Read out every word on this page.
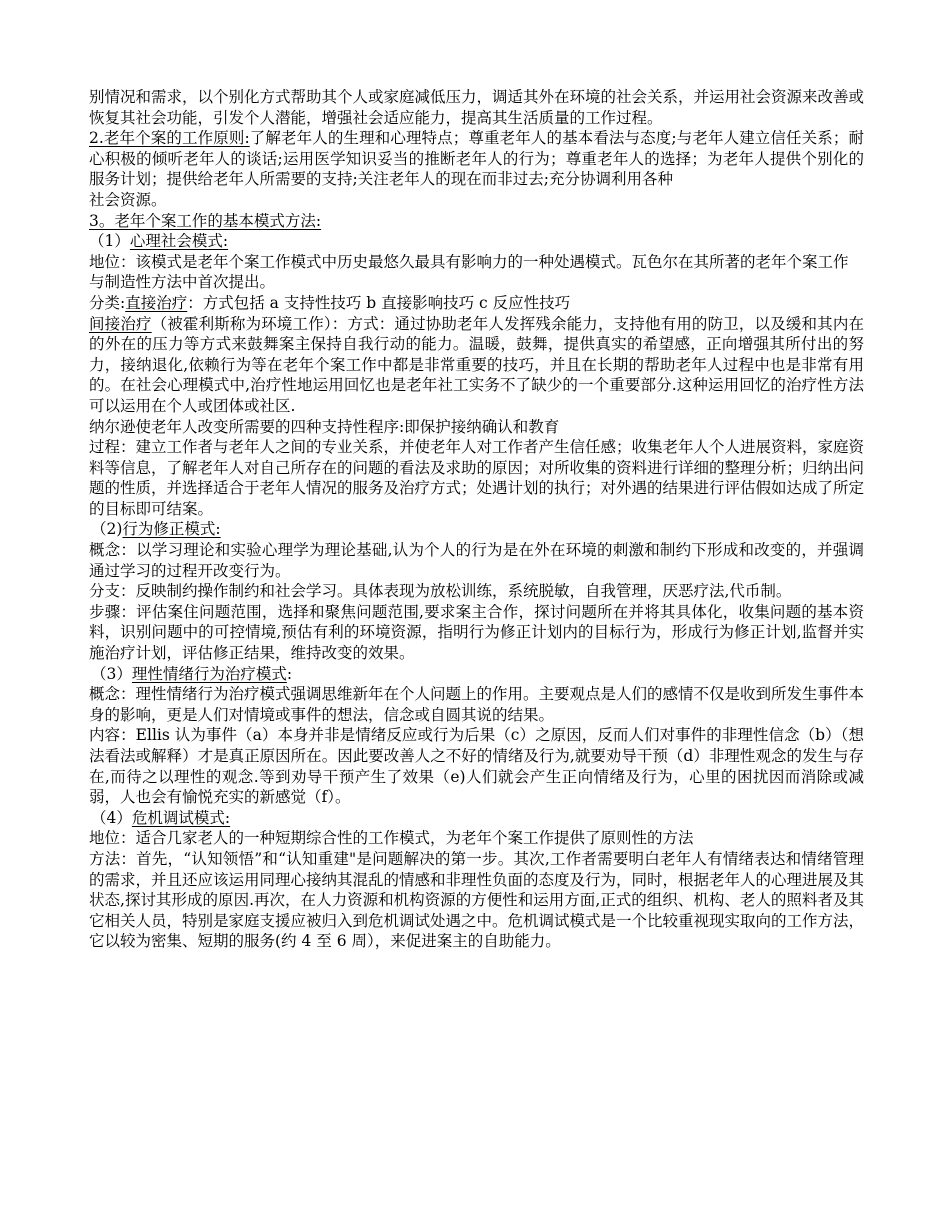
别情况和需求，以个别化方式帮助其个人或家庭减低压力，调适其外在环境的社会关系，并运用社会资源来改善或恢复其社会功能，引发个人潜能，增强社会适应能力，提高其生活质量的工作过程。

2.老年个案的工作原则:了解老年人的生理和心理特点；尊重老年人的基本看法与态度;与老年人建立信任关系；耐心积极的倾听老年人的谈话;运用医学知识妥当的推断老年人的行为；尊重老年人的选择；为老年人提供个别化的服务计划；提供给老年人所需要的支持;关注老年人的现在而非过去;充分协调利用各种

社会资源。

3。老年个案工作的基本模式方法:

（1）心理社会模式:

地位：该模式是老年个案工作模式中历史最悠久最具有影响力的一种处遇模式。瓦色尔在其所著的老年个案工作

与制造性方法中首次提出。

分类:直接治疗：方式包括 a 支持性技巧 b 直接影响技巧 c 反应性技巧

间接治疗（被霍利斯称为环境工作）：方式：通过协助老年人发挥残余能力，支持他有用的防卫，以及缓和其内在的外在的压力等方式来鼓舞案主保持自我行动的能力。温暖，鼓舞，提供真实的希望感，正向增强其所付出的努力，接纳退化,依赖行为等在老年个案工作中都是非常重要的技巧，并且在长期的帮助老年人过程中也是非常有用的。在社会心理模式中,治疗性地运用回忆也是老年社工实务不了缺少的一个重要部分.这种运用回忆的治疗性方法可以运用在个人或团体或社区.

纳尔逊使老年人改变所需要的四种支持性程序:即保护接纳确认和教育

过程：建立工作者与老年人之间的专业关系，并使老年人对工作者产生信任感；收集老年人个人进展资料，家庭资料等信息，了解老年人对自己所存在的问题的看法及求助的原因；对所收集的资料进行详细的整理分析；归纳出问题的性质，并选择适合于老年人情况的服务及治疗方式；处遇计划的执行；对外遇的结果进行评估假如达成了所定的目标即可结案。

（2)行为修正模式:

概念：以学习理论和实验心理学为理论基础,认为个人的行为是在外在环境的刺激和制约下形成和改变的，并强调通过学习的过程开改变行为。

分支：反映制约操作制约和社会学习。具体表现为放松训练，系统脱敏，自我管理，厌恶疗法,代币制。

步骤：评估案住问题范围，选择和聚焦问题范围,要求案主合作，探讨问题所在并将其具体化，收集问题的基本资料，识别问题中的可控情境,预估有利的环境资源，指明行为修正计划内的目标行为，形成行为修正计划,监督并实施治疗计划，评估修正结果，维持改变的效果。

（3）理性情绪行为治疗模式:

概念：理性情绪行为治疗模式强调思维新年在个人问题上的作用。主要观点是人们的感情不仅是收到所发生事件本身的影响，更是人们对情境或事件的想法，信念或自圆其说的结果。

内容：Ellis 认为事件（a）本身并非是情绪反应或行为后果（c）之原因，反而人们对事件的非理性信念（b）（想法看法或解释）才是真正原因所在。因此要改善人之不好的情绪及行为,就要劝导干预（d）非理性观念的发生与存在,而待之以理性的观念.等到劝导干预产生了效果（e)人们就会产生正向情绪及行为，心里的困扰因而消除或减弱，人也会有愉悦充实的新感觉（f）。

（4）危机调试模式:

地位：适合几家老人的一种短期综合性的工作模式，为老年个案工作提供了原则性的方法

方法：首先，“认知领悟”和“认知重建"是问题解决的第一步。其次,工作者需要明白老年人有情绪表达和情绪管理的需求，并且还应该运用同理心接纳其混乱的情感和非理性负面的态度及行为，同时，根据老年人的心理进展及其状态,探讨其形成的原因.再次，在人力资源和机构资源的方便性和运用方面,正式的组织、机构、老人的照料者及其它相关人员，特别是家庭支援应被归入到危机调试处遇之中。危机调试模式是一个比较重视现实取向的工作方法，它以较为密集、短期的服务(约 4 至 6 周），来促进案主的自助能力。
